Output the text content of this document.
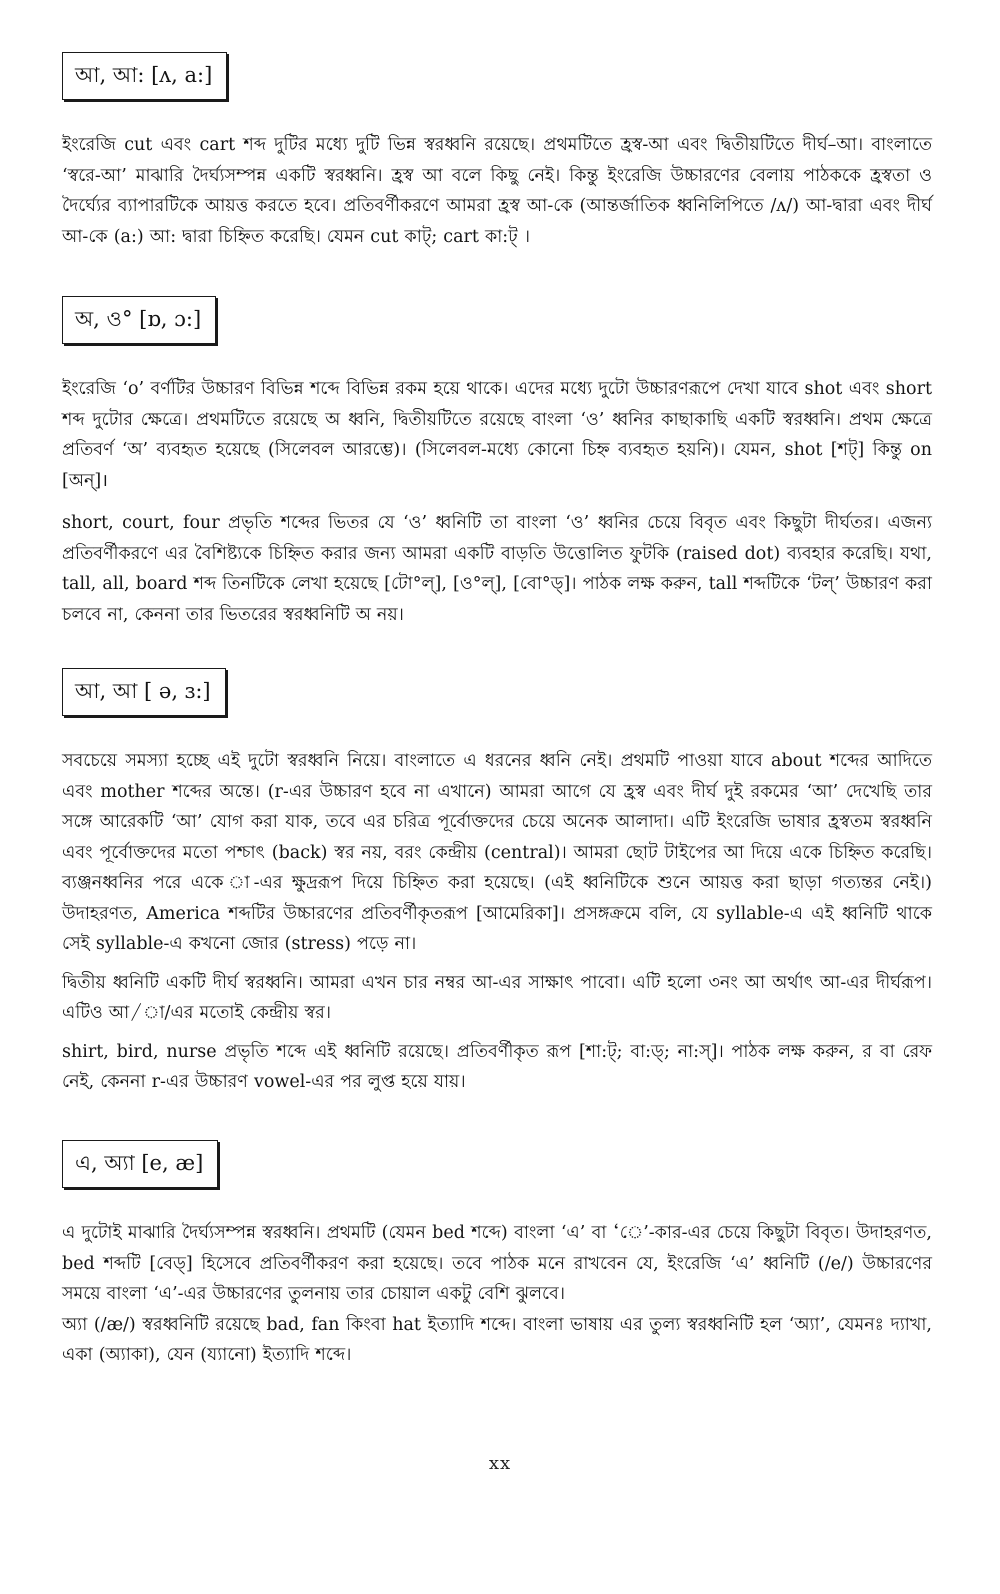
আ, আ: [ʌ, a:]

ইংরেজি cut এবং cart শব্দ দুটির মধ্যে দুটি ভিন্ন স্বরধ্বনি রয়েছে। প্রথমটিতে হ্রস্ব-আ এবং দ্বিতীয়টিতে দীর্ঘ–আ। বাংলাতে ‘স্বরে-আ’ মাঝারি দৈর্ঘ্যসম্পন্ন একটি স্বরধ্বনি। হ্রস্ব আ বলে কিছু নেই। কিন্তু ইংরেজি উচ্চারণের বেলায় পাঠককে হ্রস্বতা ও দৈর্ঘ্যের ব্যাপারটিকে আয়ত্ত করতে হবে। প্রতিবর্ণীকরণে আমরা হ্রস্ব আ-কে (আন্তর্জাতিক ধ্বনিলিপিতে /ʌ/) আ-দ্বারা এবং দীর্ঘ আ-কে (a:) আ: দ্বারা চিহ্নিত করেছি। যেমন cut কাট্; cart কা:ট্ ।

অ, ও° [ɒ, ɔ:]

ইংরেজি ‘o’ বর্ণটির উচ্চারণ বিভিন্ন শব্দে বিভিন্ন রকম হয়ে থাকে। এদের মধ্যে দুটো উচ্চারণরূপে দেখা যাবে shot এবং short শব্দ দুটোর ক্ষেত্রে। প্রথমটিতে রয়েছে অ ধ্বনি, দ্বিতীয়টিতে রয়েছে বাংলা ‘ও’ ধ্বনির কাছাকাছি একটি স্বরধ্বনি। প্রথম ক্ষেত্রে প্রতিবর্ণ ‘অ’ ব্যবহৃত হয়েছে (সিলেবল আরম্ভে)। (সিলেবল-মধ্যে কোনো চিহ্ন ব্যবহৃত হয়নি)। যেমন, shot [শট্] কিন্তু on [অন্]।

short, court, four প্রভৃতি শব্দের ভিতর যে ‘ও’ ধ্বনিটি তা বাংলা ‘ও’ ধ্বনির চেয়ে বিবৃত এবং কিছুটা দীর্ঘতর। এজন্য প্রতিবর্ণীকরণে এর বৈশিষ্ট্যকে চিহ্নিত করার জন্য আমরা একটি বাড়তি উত্তোলিত ফুটকি (raised dot) ব্যবহার করেছি। যথা, tall, all, board শব্দ তিনটিকে লেখা হয়েছে [টো°ল্], [ও°ল্], [বো°ড্]। পাঠক লক্ষ করুন, tall শব্দটিকে ‘টল্’ উচ্চারণ করা চলবে না, কেননা তার ভিতরের স্বরধ্বনিটি অ নয়।

আ, আ [ ə, ɜ:]

সবচেয়ে সমস্যা হচ্ছে এই দুটো স্বরধ্বনি নিয়ে। বাংলাতে এ ধরনের ধ্বনি নেই। প্রথমটি পাওয়া যাবে about শব্দের আদিতে এবং mother শব্দের অন্তে। (r-এর উচ্চারণ হবে না এখানে) আমরা আগে যে হ্রস্ব এবং দীর্ঘ দুই রকমের ‘আ’ দেখেছি তার সঙ্গে আরেকটি ‘আ’ যোগ করা যাক, তবে এর চরিত্র পূর্বোক্তদের চেয়ে অনেক আলাদা। এটি ইংরেজি ভাষার হ্রস্বতম স্বরধ্বনি এবং পূর্বোক্তদের মতো পশ্চাৎ (back) স্বর নয়, বরং কেন্দ্রীয় (central)। আমরা ছোট টাইপের আ দিয়ে একে চিহ্নিত করেছি। ব্যঞ্জনধ্বনির পরে একে া-এর ক্ষুদ্ররূপ দিয়ে চিহ্নিত করা হয়েছে। (এই ধ্বনিটিকে শুনে আয়ত্ত করা ছাড়া গত্যন্তর নেই।) উদাহরণত, America শব্দটির উচ্চারণের প্রতিবর্ণীকৃতরূপ [আমেরিকা]। প্রসঙ্গক্রমে বলি, যে syllable-এ এই ধ্বনিটি থাকে সেই syllable-এ কখনো জোর (stress) পড়ে না।

দ্বিতীয় ধ্বনিটি একটি দীর্ঘ স্বরধ্বনি। আমরা এখন চার নম্বর আ-এর সাক্ষাৎ পাবো। এটি হলো ৩নং আ অর্থাৎ আ-এর দীর্ঘরূপ। এটিও আ/া/এর মতোই কেন্দ্রীয় স্বর।

shirt, bird, nurse প্রভৃতি শব্দে এই ধ্বনিটি রয়েছে। প্রতিবর্ণীকৃত রূপ [শা:ট্; বা:ড্; না:স্]। পাঠক লক্ষ করুন, র বা রেফ নেই, কেননা r-এর উচ্চারণ vowel-এর পর লুপ্ত হয়ে যায়।

এ, অ্যা [e, æ]

এ দুটোই মাঝারি দৈর্ঘ্যসম্পন্ন স্বরধ্বনি। প্রথমটি (যেমন bed শব্দে) বাংলা ‘এ’ বা ‘ে’-কার-এর চেয়ে কিছুটা বিবৃত। উদাহরণত, bed শব্দটি [বেড্] হিসেবে প্রতিবর্ণীকরণ করা হয়েছে। তবে পাঠক মনে রাখবেন যে, ইংরেজি ‘এ’ ধ্বনিটি (/e/) উচ্চারণের সময়ে বাংলা ‘এ’-এর উচ্চারণের তুলনায় তার চোয়াল একটু বেশি ঝুলবে।

অ্যা (/æ/) স্বরধ্বনিটি রয়েছে bad, fan কিংবা hat ইত্যাদি শব্দে। বাংলা ভাষায় এর তুল্য স্বরধ্বনিটি হল ‘অ্যা’, যেমনঃ দ্যাখা, একা (অ্যাকা), যেন (য্যানো) ইত্যাদি শব্দে।

xx
